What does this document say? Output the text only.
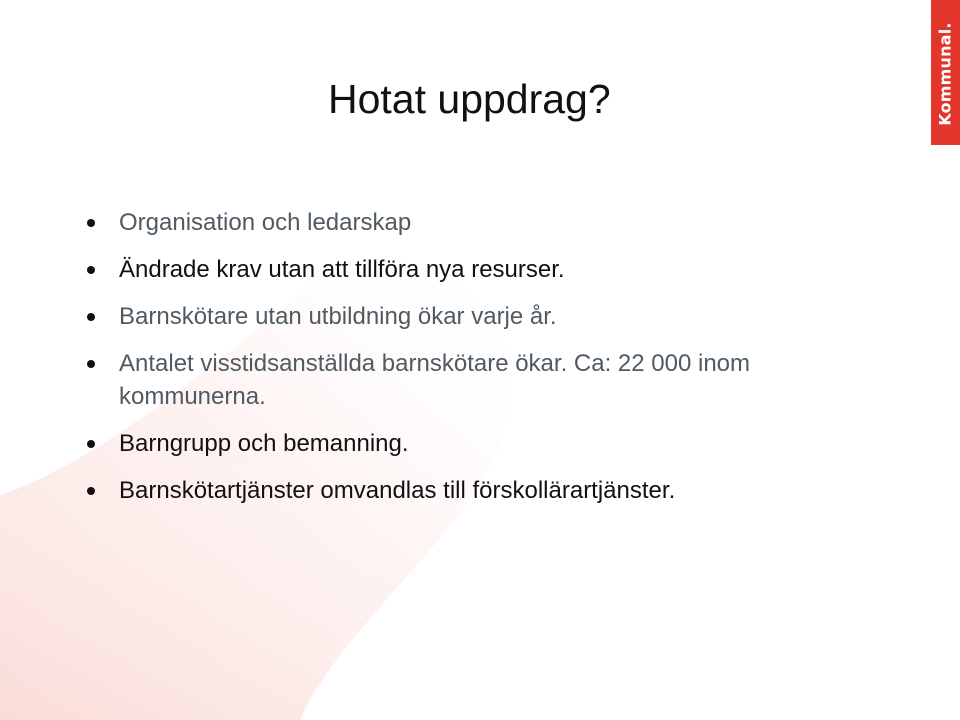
Kommunal.
Hotat uppdrag?
Organisation och ledarskap
Ändrade krav utan att tillföra nya resurser.
Barnskötare utan utbildning ökar varje år.
Antalet visstidsanställda barnskötare ökar. Ca: 22 000 inom kommunerna.
Barngrupp och bemanning.
Barnskötartjänster omvandlas till förskollärartjänster.
